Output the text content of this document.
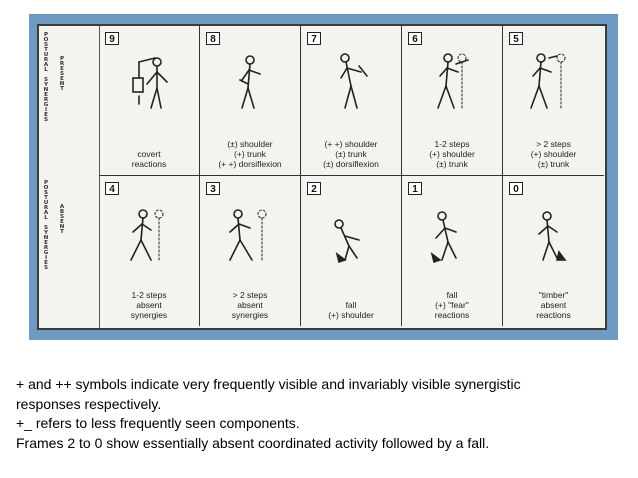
POSTURAL SYNERGIES PRESENT
POSTURAL SYNERGIES ABSENT
9
covert
reactions
8
(±) shoulder
(+) trunk
(+ +) dorsiflexion
7
(+ +) shoulder
(±) trunk
(±) dorsiflexion
6
1-2 steps
(+) shoulder
(±) trunk
5
> 2 steps
(+) shoulder
(±) trunk
4
1-2 steps
absent
synergies
3
> 2 steps
absent
synergies
2
fall
(+) shoulder
1
fall
(+) "fear"
reactions
0
"timber"
absent
reactions
+ and ++ symbols indicate very frequently visible and invariably visible synergistic
responses respectively.
+_ refers to less frequently seen components.
Frames 2 to 0 show essentially absent coordinated activity followed by a fall.
